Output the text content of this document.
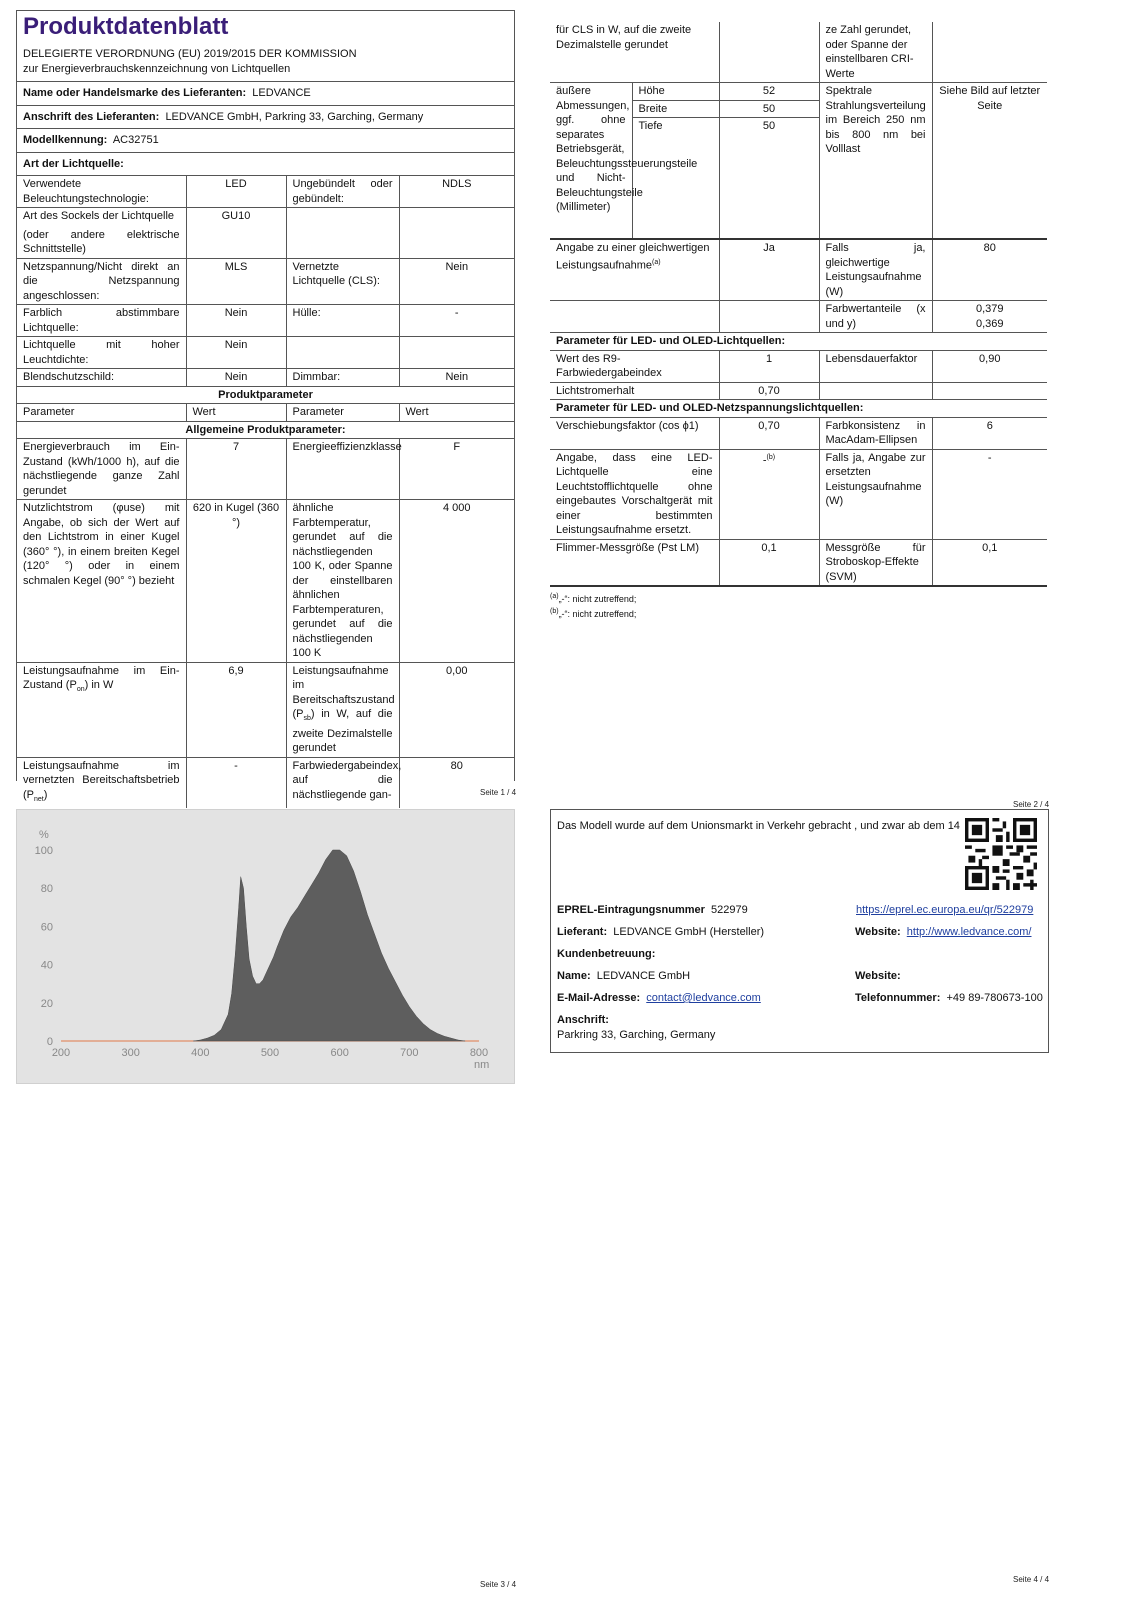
Produktdatenblatt
DELEGIERTE VERORDNUNG (EU) 2019/2015 DER KOMMISSION zur Energieverbrauchskennzeichnung von Lichtquellen
Name oder Handelsmarke des Lieferanten: LEDVANCE			
Anschrift des Lieferanten: LEDVANCE GmbH, Parkring 33, Garching, Germany			
Modellkennung: AC32751			
Art der Lichtquelle:			
Verwendete Beleuchtungstechnologie:	LED	Ungebündelt oder gebündelt:	NDLS

Art des Sockels der Lichtquelle
(oder andere elektrische Schnittstelle)	GU10		
Netzspannung/Nicht direkt an die Netzspannung angeschlossen:	MLS	Vernetzte Lichtquelle (CLS):	Nein
Farblich abstimmbare Lichtquelle:	Nein	Hülle:	-
Lichtquelle mit hoher Leuchtdichte:	Nein		
Blendschutzschild:	Nein	Dimmbar:	Nein
Produktparameter			
Parameter	Wert	Parameter	Wert
Allgemeine Produktparameter:			
Energieverbrauch im Ein-Zustand (kWh/1000 h), auf die nächstliegende ganze Zahl gerundet	7	Energieeffizienzklasse	F
Nutzlichtstrom (φuse) mit Angabe, ob sich der Wert auf den Lichtstrom in einer Kugel (360° °), in einem breiten Kegel (120° °) oder in einem schmalen Kegel (90° °) bezieht	620 in Kugel (360 °)	ähnliche Farbtemperatur, gerundet auf die nächstliegenden 100 K, oder Spanne der einstellbaren ähnlichen Farbtemperaturen, gerundet auf die nächstliegenden 100 K	4 000
Leistungsaufnahme im Ein-Zustand $(P_{on})$ in W	6,9	Leistungsaufnahme im Bereitschaftszustand $(P_{sb})$ in W, auf die zweite Dezimalstelle gerundet	0,00
Leistungsaufnahme im vernetzten Bereitschaftsbetrieb $(P_{net})$	-	Farbwiedergabeindex, auf die nächstliegende gan-	80
Seite 1 / 4
für CLS in W, auf die zweite Dezimalstelle gerundet			ze Zahl gerundet, oder Spanne der einstellbaren CRI-Werte	
äußere Abmessungen, ggf. ohne separates Betriebsgerät, Beleuchtungssteuerungsteile und Nicht-Beleuchtungsteile (Millimeter)	Höhe	52	Spektrale Strahlungsverteilung im Bereich 250 nm bis 800 nm bei Volllast	Siehe Bild auf letzter Seite
	Breite	50		
	Tiefe	50		
Angabe zu einer gleichwertigen Leistungsaufnahme$^{(a)}$		Ja	Falls ja, gleichwertige Leistungsaufnahme (W)	80
			Farbwertanteile (x und y)	0,379
0,369

Parameter für LED- und OLED-Lichtquellen:				
Wert des R9-Farbwiedergabeindex		1	Lebensdauerfaktor	0,90
Lichtstromerhalt		0,70		
Parameter für LED- und OLED-Netzspannungslichtquellen:				
Verschiebungsfaktor (cos ϕ1)		0,70	Farbkonsistenz in MacAdam-Ellipsen	6
Angabe, dass eine LED-Lichtquelle eine Leuchtstofflichtquelle ohne eingebautes Vorschaltgerät mit einer bestimmten Leistungsaufnahme ersetzt.		-$^{(b)}$	Falls ja, Angabe zur ersetzten Leistungsaufnahme (W)	-
Flimmer-Messgröße (Pst LM)		0,1	Messgröße für Stroboskop-Effekte (SVM)	0,1
$^{(a)}$„-“: nicht zutreffend;
$^{(b)}$„-“: nicht zutreffend;
Seite 2 / 4
%
nm
200	300	400	500	600	700	800
0
20
40
60
80
100
Seite 3 / 4
Das Modell wurde auf dem Unionsmarkt in Verkehr gebracht , und zwar ab dem 14
EPREL-Eintragungsnummer 522979	https://eprel.ec.europa.eu/qr/522979
Lieferant: LEDVANCE GmbH (Hersteller)	Website: http://www.ledvance.com/
Kundenbetreuung:
Name: LEDVANCE GmbH	Website:
E-Mail-Adresse: contact@ledvance.com	Telefonnummer: +49 89-780673-100
Anschrift:
Parkring 33, Garching, Germany
Seite 4 / 4
